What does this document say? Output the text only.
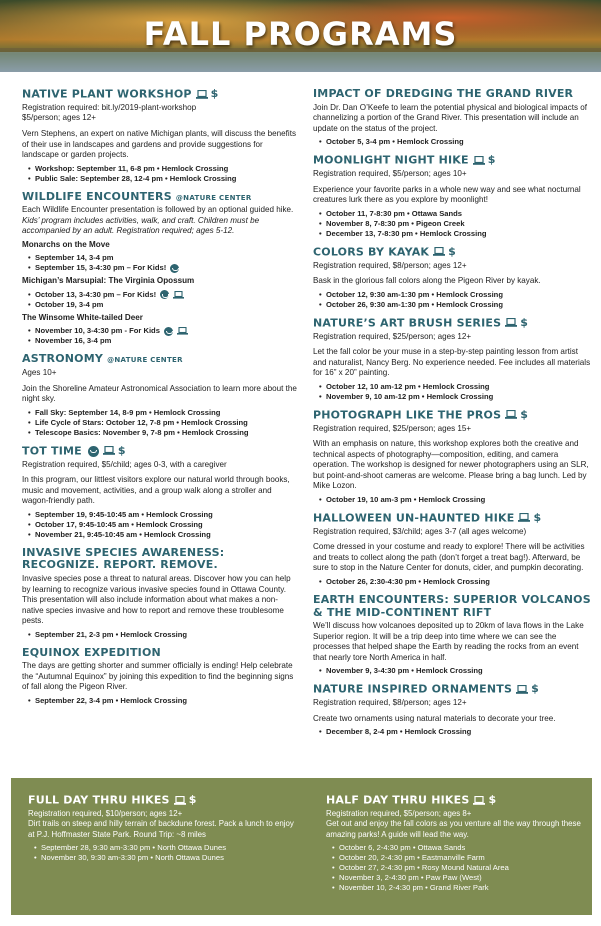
FALL PROGRAMS
NATIVE PLANT WORKSHOP $

Registration required: bit.ly/2019-plant-workshop
$5/person; ages 12+

Vern Stephens, an expert on native Michigan plants, will discuss the benefits of their use in landscapes and gardens and provide suggestions for landscape or garden projects.

• Workshop: September 11, 6-8 pm • Hemlock Crossing
• Public Sale: September 28, 12-4 pm • Hemlock Crossing
WILDLIFE ENCOUNTERS @NATURE CENTER

Each Wildlife Encounter presentation is followed by an optional guided hike. Kids’ program includes activities, walk, and craft. Children must be accompanied by an adult. Registration required; ages 5-12.

Monarchs on the Move
• September 14, 3-4 pm
• September 15, 3-4:30 pm – For Kids!
Michigan’s Marsupial: The Virginia Opossum
• October 13, 3-4:30 pm – For Kids!
• October 19, 3-4 pm
The Winsome White-tailed Deer
• November 10, 3-4:30 pm - For Kids
• November 16, 3-4 pm
ASTRONOMY @NATURE CENTER

Ages 10+

Join the Shoreline Amateur Astronomical Association to learn more about the night sky.

• Fall Sky: September 14, 8-9 pm • Hemlock Crossing
• Life Cycle of Stars: October 12, 7-8 pm • Hemlock Crossing
• Telescope Basics: November 9, 7-8 pm • Hemlock Crossing
TOT TIME	$

Registration required, $5/child; ages 0-3, with a caregiver

In this program, our littlest visitors explore our natural world through books, music and movement, activities, and a group walk along a stroller and wagon-friendly path.

• September 19, 9:45-10:45 am • Hemlock Crossing
• October 17, 9:45-10:45 am • Hemlock Crossing
• November 21, 9:45-10:45 am • Hemlock Crossing
INVASIVE SPECIES AWARENESS:
RECOGNIZE. REPORT. REMOVE.

Invasive species pose a threat to natural areas. Discover how you can help by learning to recognize various invasive species found in Ottawa County. This presentation will also include information about what makes a non-native species invasive and how to report and remove these troublesome pests.

• September 21, 2-3 pm • Hemlock Crossing
EQUINOX EXPEDITION

The days are getting shorter and summer officially is ending! Help celebrate the “Autumnal Equinox” by joining this expedition to find the beginning signs of fall along the Pigeon River.

• September 22, 3-4 pm • Hemlock Crossing
IMPACT OF DREDGING THE GRAND RIVER

Join Dr. Dan O’Keefe to learn the potential physical and biological impacts of channelizing a portion of the Grand River. This presentation will include an update on the status of the project.

• October 5, 3-4 pm • Hemlock Crossing
MOONLIGHT NIGHT HIKE $

Registration required, $5/person; ages 10+

Experience your favorite parks in a whole new way and see what nocturnal creatures lurk there as you explore by moonlight!

• October 11, 7-8:30 pm • Ottawa Sands
• November 8, 7-8:30 pm • Pigeon Creek
• December 13, 7-8:30 pm • Hemlock Crossing
COLORS BY KAYAK $

Registration required, $8/person; ages 12+

Bask in the glorious fall colors along the Pigeon River by kayak.

• October 12, 9:30 am-1:30 pm • Hemlock Crossing
• October 26, 9:30 am-1:30 pm • Hemlock Crossing
NATURE’S ART BRUSH SERIES $

Registration required, $25/person; ages 12+

Let the fall color be your muse in a step-by-step painting lesson from artist and naturalist, Nancy Berg. No experience needed. Fee includes all materials for 16” x 20” painting.

• October 12, 10 am-12 pm • Hemlock Crossing
• November 9, 10 am-12 pm • Hemlock Crossing
PHOTOGRAPH LIKE THE PROS $

Registration required, $25/person; ages 15+

With an emphasis on nature, this workshop explores both the creative and technical aspects of photography—composition, editing, and camera operation. The workshop is designed for newer photographers using an SLR, but point-and-shoot cameras are welcome. Please bring a bag lunch. Led by Mike Lozon.

• October 19, 10 am-3 pm • Hemlock Crossing
HALLOWEEN UN-HAUNTED HIKE $

Registration required, $3/child; ages 3-7 (all ages welcome)

Come dressed in your costume and ready to explore! There will be activities and treats to collect along the path (don’t forget a treat bag!). Afterward, be sure to stop in the Nature Center for donuts, cider, and pumpkin decorating.

• October 26, 2:30-4:30 pm • Hemlock Crossing
EARTH ENCOUNTERS: SUPERIOR VOLCANOS
& THE MID-CONTINENT RIFT

We’ll discuss how volcanoes deposited up to 20km of lava flows in the Lake Superior region. It will be a trip deep into time where we can see the processes that helped shape the Earth by reading the rocks from an event that nearly tore North America in half.

• November 9, 3-4:30 pm • Hemlock Crossing
NATURE INSPIRED ORNAMENTS $

Registration required, $8/person; ages 12+

Create two ornaments using natural materials to decorate your tree.

• December 8, 2-4 pm • Hemlock Crossing
FULL DAY THRU HIKES $

Registration required, $10/person; ages 12+

Dirt trails on steep and hilly terrain of backdune forest. Pack a lunch to enjoy at P.J. Hoffmaster State Park. Round Trip: ~8 miles

• September 28, 9:30 am-3:30 pm • North Ottawa Dunes
• November 30, 9:30 am-3:30 pm • North Ottawa Dunes
HALF DAY THRU HIKES $

Registration required, $5/person; ages 8+

Get out and enjoy the fall colors as you venture all the way through these amazing parks! A guide will lead the way.

• October 6, 2-4:30 pm • Ottawa Sands
• October 20, 2-4:30 pm • Eastmanville Farm
• October 27, 2-4:30 pm • Rosy Mound Natural Area
• November 3, 2-4:30 pm • Paw Paw (West)
• November 10, 2-4:30 pm • Grand River Park
